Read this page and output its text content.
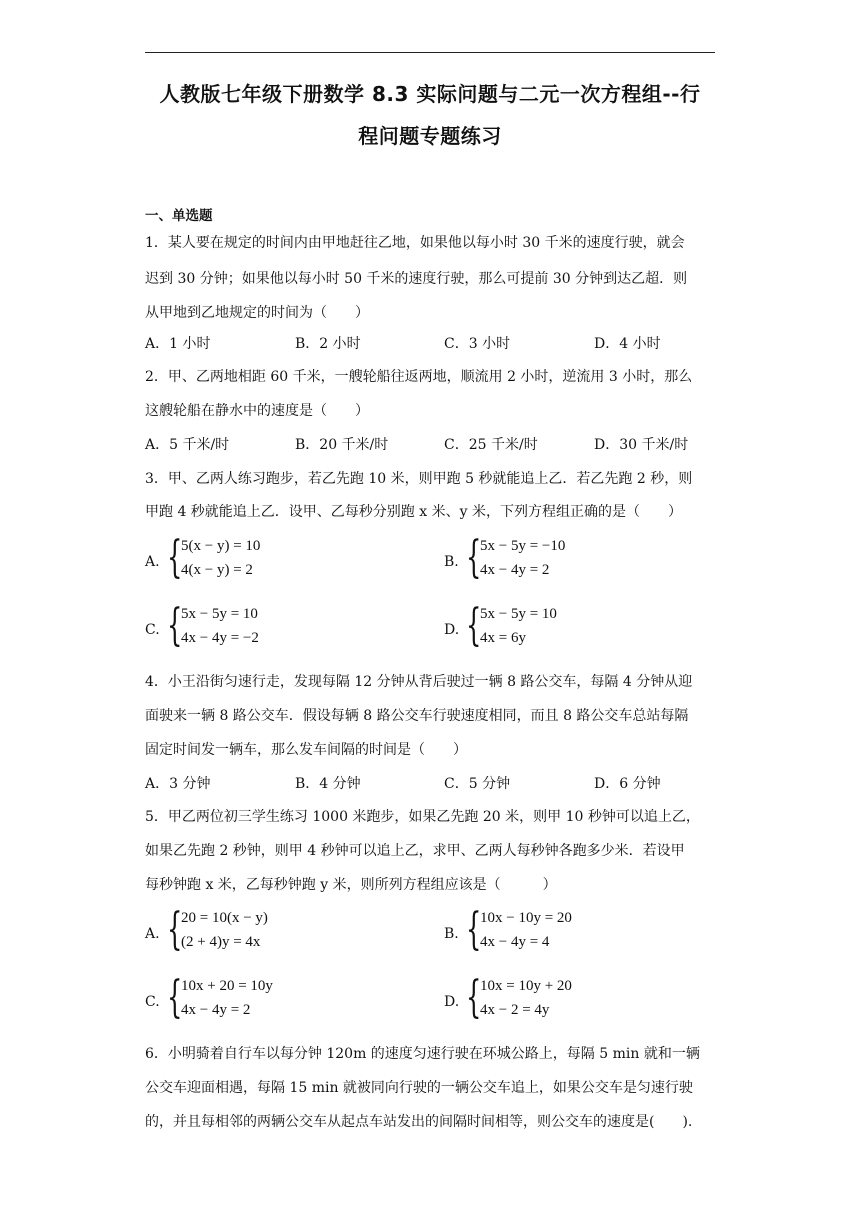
人教版七年级下册数学 8.3 实际问题与二元一次方程组--行
程问题专题练习
一、单选题
1．某人要在规定的时间内由甲地赶往乙地，如果他以每小时 30 千米的速度行驶，就会
迟到 30 分钟；如果他以每小时 50 千米的速度行驶，那么可提前 30 分钟到达乙超．则
从甲地到乙地规定的时间为（　　）
A．1 小时	B．2 小时	C．3 小时	D．4 小时
2．甲、乙两地相距 60 千米，一艘轮船往返两地，顺流用 2 小时，逆流用 3 小时，那么
这艘轮船在静水中的速度是（　　）
A．5 千米/时	B．20 千米/时	C．25 千米/时	D．30 千米/时
3．甲、乙两人练习跑步，若乙先跑 10 米，则甲跑 5 秒就能追上乙．若乙先跑 2 秒，则
甲跑 4 秒就能追上乙．设甲、乙每秒分别跑 x 米、y 米，下列方程组正确的是（　　）
A. {
5(x − y) = 10
4(x − y) = 2	B. {
5x − 5y = −10
4x − 4y = 2
C. {
5x − 5y = 10
4x − 4y = −2	D. {
5x − 5y = 10
4x = 6y
4．小王沿街匀速行走，发现每隔 12 分钟从背后驶过一辆 8 路公交车，每隔 4 分钟从迎
面驶来一辆 8 路公交车．假设每辆 8 路公交车行驶速度相同，而且 8 路公交车总站每隔
固定时间发一辆车，那么发车间隔的时间是（　　）
A．3 分钟	B．4 分钟	C．5 分钟	D．6 分钟
5．甲乙两位初三学生练习 1000 米跑步，如果乙先跑 20 米，则甲 10 秒钟可以追上乙，
如果乙先跑 2 秒钟，则甲 4 秒钟可以追上乙，求甲、乙两人每秒钟各跑多少米．若设甲
每秒钟跑 x 米，乙每秒钟跑 y 米，则所列方程组应该是（　　　）
A. {
20 = 10(x − y)
(2 + 4)y = 4x	B. {
10x − 10y = 20
4x − 4y = 4
C. {
10x + 20 = 10y
4x − 4y = 2	D. {
10x = 10y + 20
4x − 2 = 4y
6．小明骑着自行车以每分钟 120m 的速度匀速行驶在环城公路上，每隔 5 min 就和一辆
公交车迎面相遇，每隔 15 min 就被同向行驶的一辆公交车追上，如果公交车是匀速行驶
的，并且每相邻的两辆公交车从起点车站发出的间隔时间相等，则公交车的速度是(　　).
